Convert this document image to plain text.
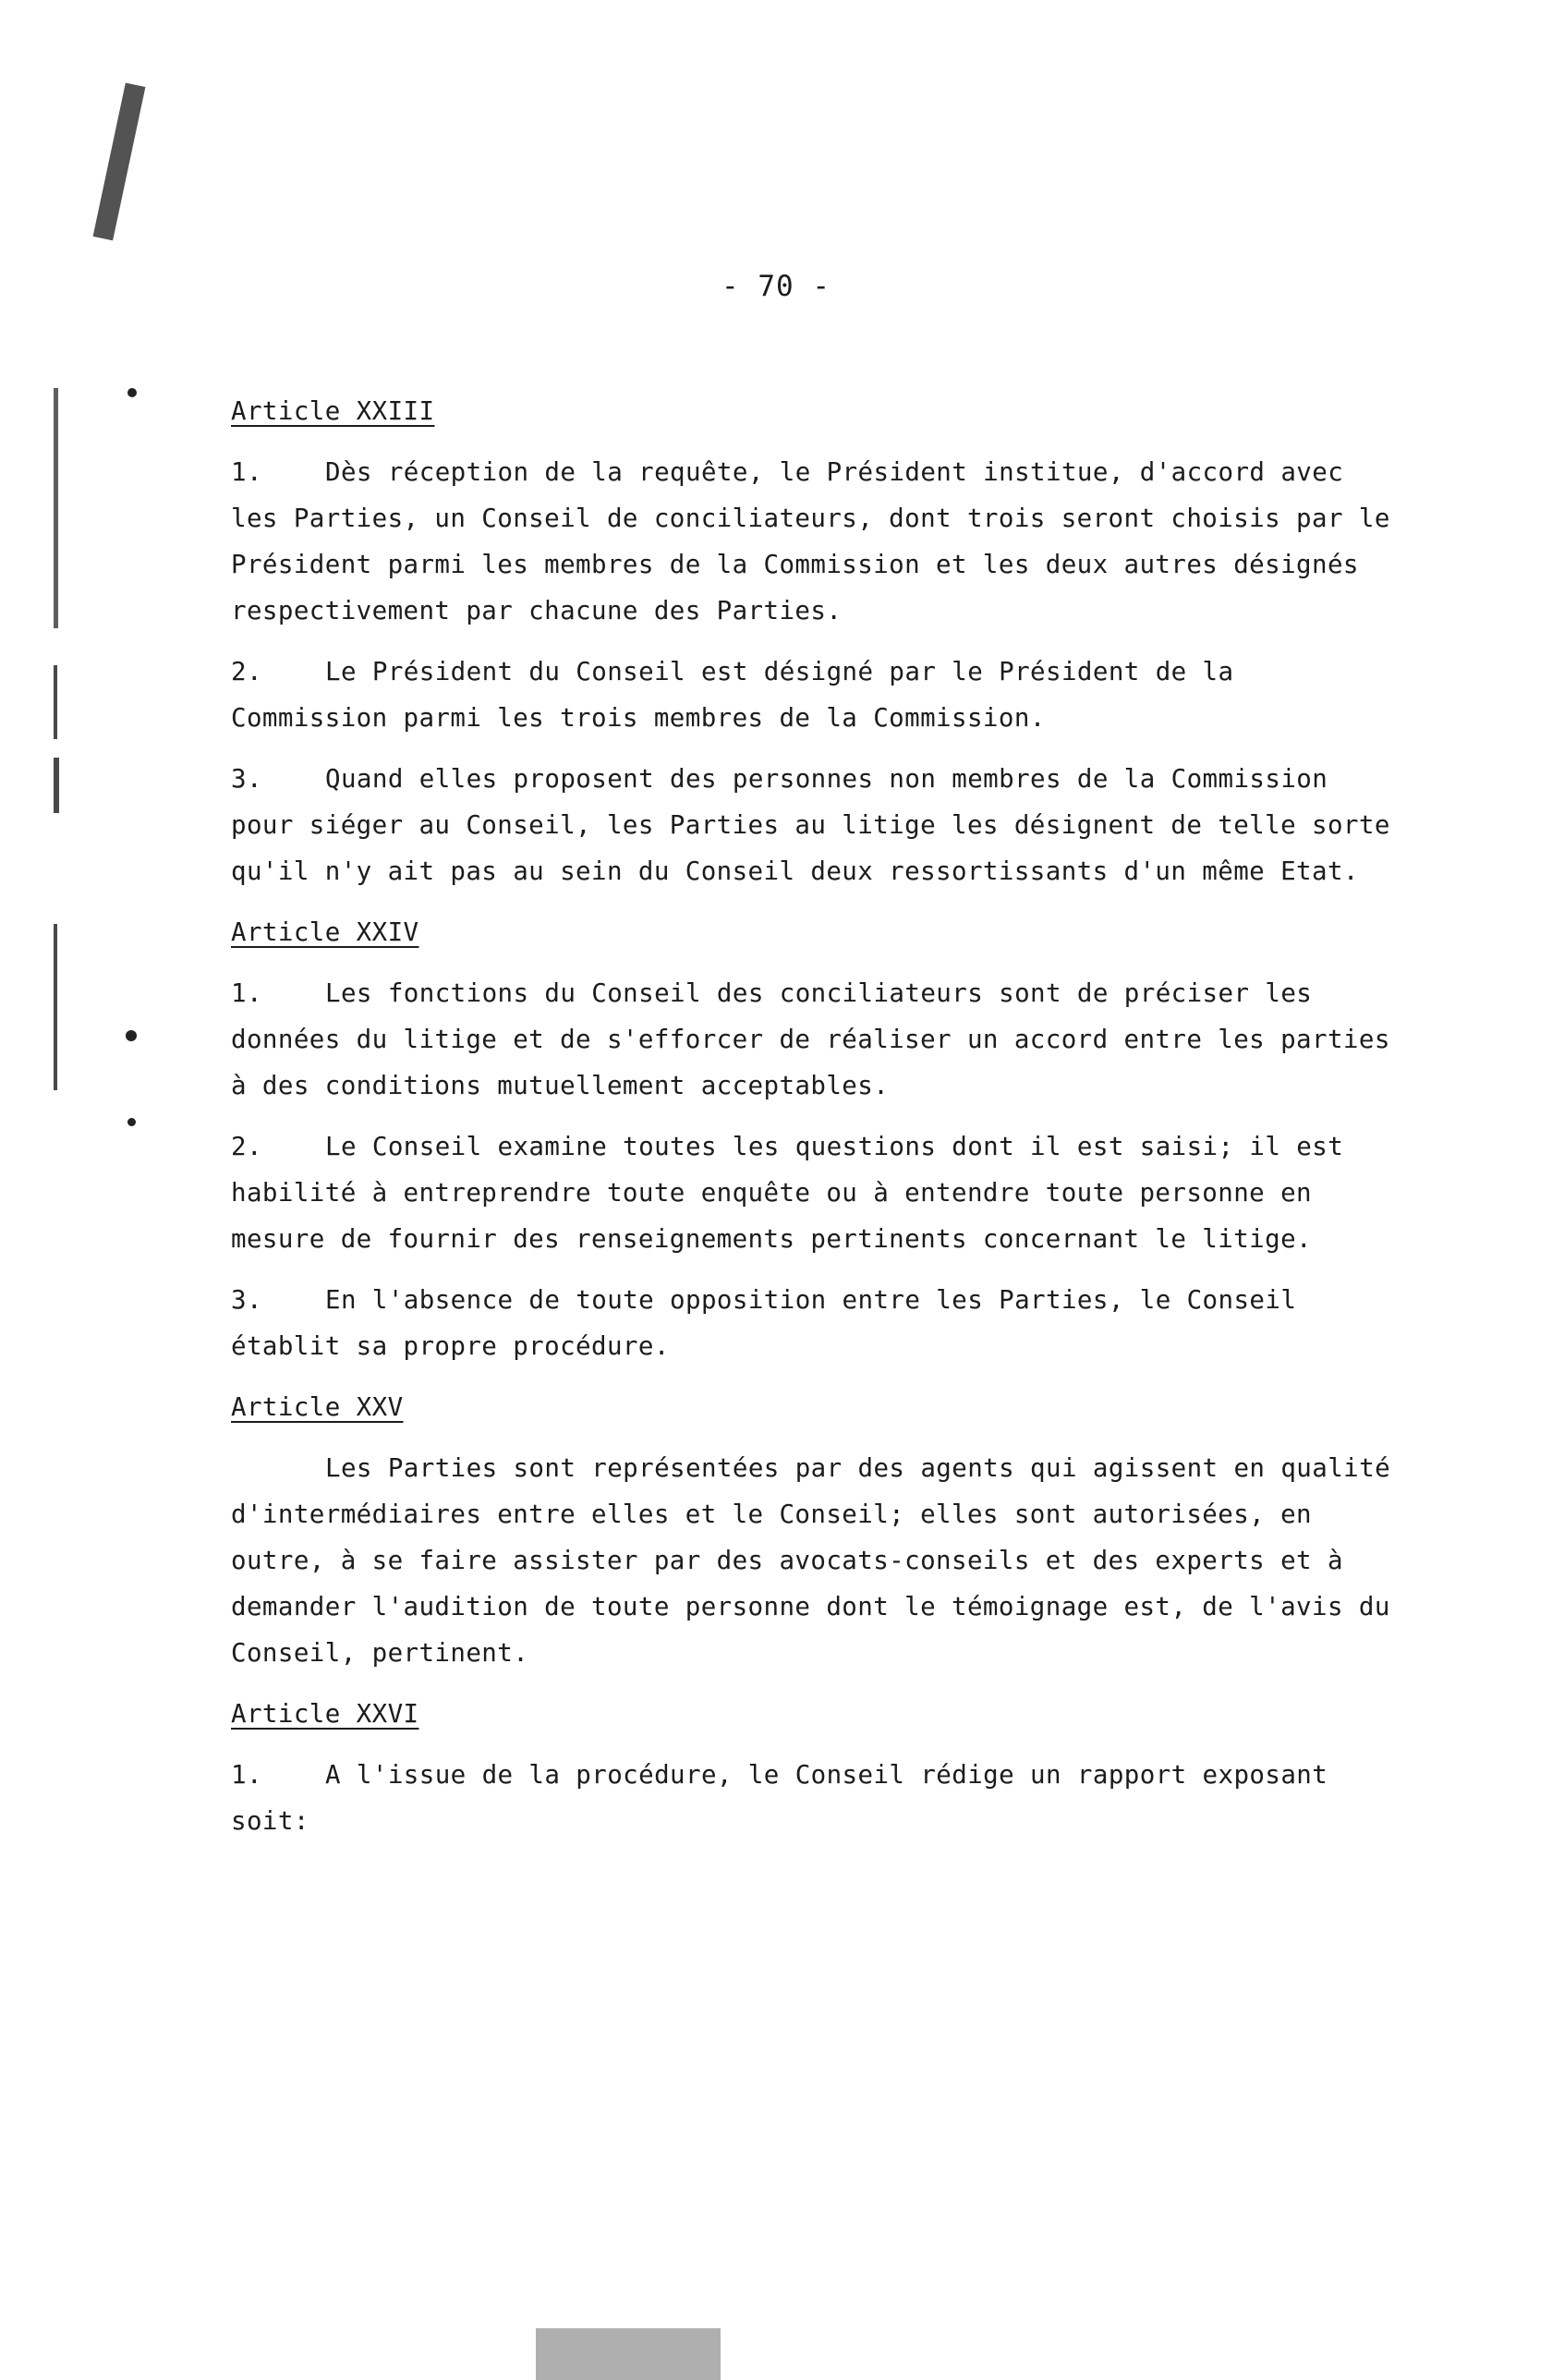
- 70 -
Article XXIII

1. Dès réception de la requête, le Président institue, d'accord avec les Parties, un Conseil de conciliateurs, dont trois seront choisis par le Président parmi les membres de la Commission et les deux autres désignés respectivement par chacune des Parties.

2. Le Président du Conseil est désigné par le Président de la Commission parmi les trois membres de la Commission.

3. Quand elles proposent des personnes non membres de la Commission pour siéger au Conseil, les Parties au litige les désignent de telle sorte qu'il n'y ait pas au sein du Conseil deux ressortissants d'un même Etat.

Article XXIV

1. Les fonctions du Conseil des conciliateurs sont de préciser les données du litige et de s'efforcer de réaliser un accord entre les parties à des conditions mutuellement acceptables.

2. Le Conseil examine toutes les questions dont il est saisi; il est habilité à entreprendre toute enquête ou à entendre toute personne en mesure de fournir des renseignements pertinents concernant le litige.

3. En l'absence de toute opposition entre les Parties, le Conseil établit sa propre procédure.

Article XXV

Les Parties sont représentées par des agents qui agissent en qualité d'intermédiaires entre elles et le Conseil; elles sont autorisées, en outre, à se faire assister par des avocats-conseils et des experts et à demander l'audition de toute personne dont le témoignage est, de l'avis du Conseil, pertinent.

Article XXVI

1. A l'issue de la procédure, le Conseil rédige un rapport exposant soit:
